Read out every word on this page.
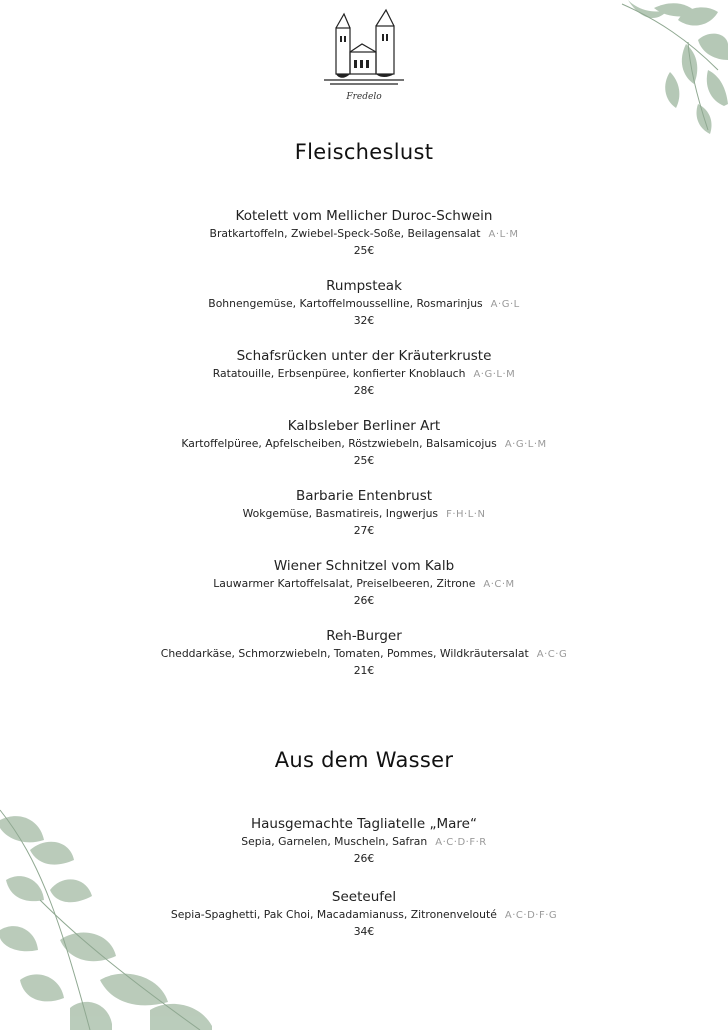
Fredelo
Fleischeslust
Kotelett vom Mellicher Duroc-Schwein
Bratkartoffeln, Zwiebel-Speck-Soße, Beilagensalat A·L·M
25€
Rumpsteak
Bohnengemüse, Kartoffelmousselline, Rosmarinjus A·G·L
32€
Schafsrücken unter der Kräuterkruste
Ratatouille, Erbsenpüree, konfierter Knoblauch A·G·L·M
28€
Kalbsleber Berliner Art
Kartoffelpüree, Apfelscheiben, Röstzwiebeln, Balsamicojus A·G·L·M
25€
Barbarie Entenbrust
Wokgemüse, Basmatireis, Ingwerjus F·H·L·N
27€
Wiener Schnitzel vom Kalb
Lauwarmer Kartoffelsalat, Preiselbeeren, Zitrone A·C·M
26€
Reh-Burger
Cheddarkäse, Schmorzwiebeln, Tomaten, Pommes, Wildkräutersalat A·C·G
21€
Aus dem Wasser
Hausgemachte Tagliatelle „Mare“
Sepia, Garnelen, Muscheln, Safran A·C·D·F·R
26€
Seeteufel
Sepia-Spaghetti, Pak Choi, Macadamianuss, Zitronenvelouté A·C·D·F·G
34€
